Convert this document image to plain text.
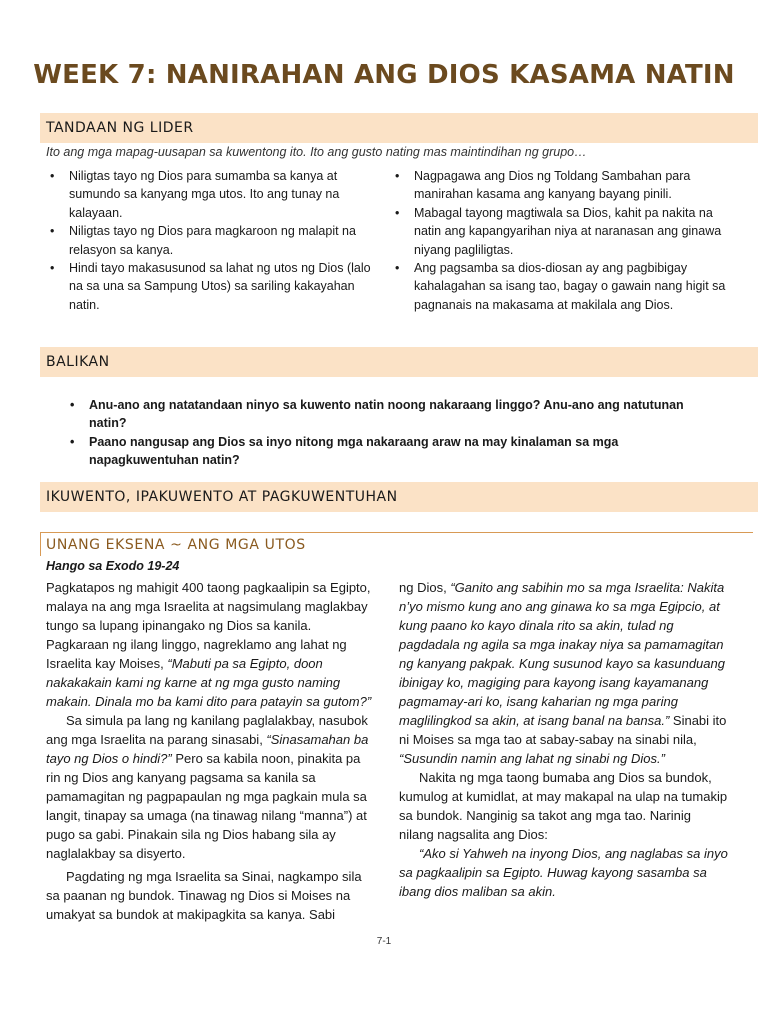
WEEK 7: NANIRAHAN ANG DIOS KASAMA NATIN
TANDAAN NG LIDER
Ito ang mga mapag-uusapan sa kuwentong ito. Ito ang gusto nating mas maintindihan ng grupo…
• Niligtas tayo ng Dios para sumamba sa kanya at sumundo sa kanyang mga utos. Ito ang tunay na kalayaan.
• Niligtas tayo ng Dios para magkaroon ng malapit na relasyon sa kanya.
• Hindi tayo makasusunod sa lahat ng utos ng Dios (lalo na sa una sa Sampung Utos) sa sariling kakayahan natin.
• Nagpagawa ang Dios ng Toldang Sambahan para manirahan kasama ang kanyang bayang pinili.
• Mabagal tayong magtiwala sa Dios, kahit pa nakita na natin ang kapangyarihan niya at naranasan ang ginawa niyang pagliligtas.
• Ang pagsamba sa dios-diosan ay ang pagbibigay kahalagahan sa isang tao, bagay o gawain nang higit sa pagnanais na makasama at makilala ang Dios.
BALIKAN
• Anu-ano ang natatandaan ninyo sa kuwento natin noong nakaraang linggo? Anu-ano ang natutunan natin?
• Paano nangusap ang Dios sa inyo nitong mga nakaraang araw na may kinalaman sa mga napagkuwentuhan natin?
IKUWENTO, IPAKUWENTO AT PAGKUWENTUHAN
UNANG EKSENA ~ ANG MGA UTOS
Hango sa Exodo 19-24

Pagkatapos ng mahigit 400 taong pagkaalipin sa Egipto, malaya na ang mga Israelita at nagsimulang maglakbay tungo sa lupang ipinangako ng Dios sa kanila. Pagkaraan ng ilang linggo, nagreklamo ang lahat ng Israelita kay Moises, “Mabuti pa sa Egipto, doon nakakakain kami ng karne at ng mga gusto naming makain. Dinala mo ba kami dito para patayin sa gutom?”

Sa simula pa lang ng kanilang paglalakbay, nasubok ang mga Israelita na parang sinasabi, “Sinasamahan ba tayo ng Dios o hindi?” Pero sa kabila noon, pinakita pa rin ng Dios ang kanyang pagsama sa kanila sa pamamagitan ng pagpapaulan ng mga pagkain mula sa langit, tinapay sa umaga (na tinawag nilang “manna”) at pugo sa gabi. Pinakain sila ng Dios habang sila ay naglalakbay sa disyerto.

Pagdating ng mga Israelita sa Sinai, nagkampo sila sa paanan ng bundok. Tinawag ng Dios si Moises na umakyat sa bundok at makipagkita sa kanya. Sabi

ng Dios, “Ganito ang sabihin mo sa mga Israelita: Nakita n’yo mismo kung ano ang ginawa ko sa mga Egipcio, at kung paano ko kayo dinala rito sa akin, tulad ng pagdadala ng agila sa mga inakay niya sa pamamagitan ng kanyang pakpak. Kung susunod kayo sa kasunduang ibinigay ko, magiging para kayong isang kayamanang pagmamay-ari ko, isang kaharian ng mga paring maglilingkod sa akin, at isang banal na bansa.” Sinabi ito ni Moises sa mga tao at sabay-sabay na sinabi nila, “Susundin namin ang lahat ng sinabi ng Dios.”

Nakita ng mga taong bumaba ang Dios sa bundok, kumulog at kumidlat, at may makapal na ulap na tumakip sa bundok. Nanginig sa takot ang mga tao. Narinig nilang nagsalita ang Dios:

“Ako si Yahweh na inyong Dios, ang naglabas sa inyo sa pagkaalipin sa Egipto. Huwag kayong sasamba sa ibang dios maliban sa akin.

7-1
